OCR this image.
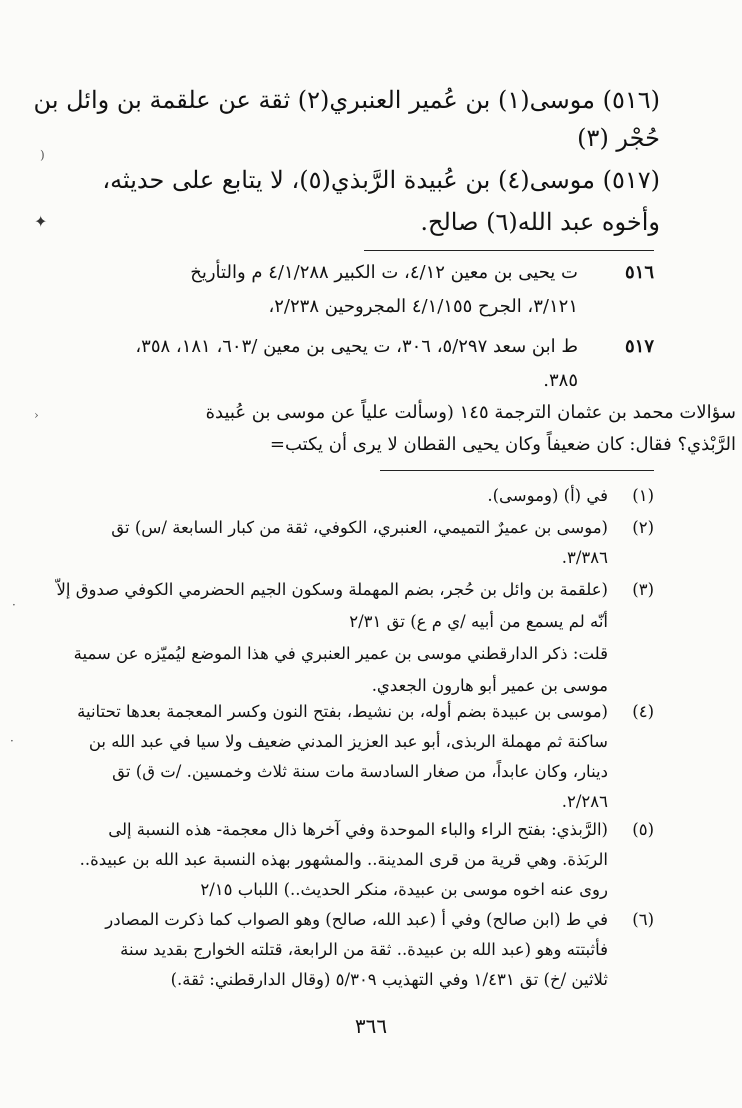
(٥١٦) موسى(١) بن عُمير العنبري(٢) ثقة عن علقمة بن وائل بن
حُجْر (٣)
(٥١٧) موسى(٤) بن عُبيدة الرَّبذي(٥)، لا يتابع على حديثه،
وأخوه عبد الله(٦) صالح.
٥١٦
ت يحيى بن معين ٤/١٢، ت الكبير ٤/١/٢٨٨ م والتأريخ
٣/١٢١، الجرح ٤/١/١٥٥ المجروحين ٢/٢٣٨،
٥١٧
ط ابن سعد ٥/٢٩٧، ٣٠٦، ت يحيى بن معين /٦٠٣، ١٨١، ٣٥٨،
٣٨٥.
سؤالات محمد بن عثمان الترجمة ١٤٥ (وسألت علياً عن موسى بن عُبيدة
الرَّبْذي؟ فقال: كان ضعيفاً وكان يحيى القطان لا يرى أن يكتب=
(١)
في (أ) (وموسى).
(٢)
(موسى بن عميرٌ التميمي، العنبري، الكوفي، ثقة من كبار السابعة /س) تق
٣/٣٨٦.
(٣)
(علقمة بن وائل بن حُجر، بضم المهملة وسكون الجيم الحضرمي الكوفي صدوق إلاّ
أنّه لم يسمع من أبيه /ي م ع) تق ٢/٣١
قلت: ذكر الدارقطني موسى بن عمير العنبري في هذا الموضع ليُميّزه عن سمية
موسى بن عمير أبو هارون الجعدي.
(٤)
(موسى بن عبيدة بضم أوله، بن نشيط، بفتح النون وكسر المعجمة بعدها تحتانية
ساكنة ثم مهملة الربذى، أبو عبد العزيز المدني ضعيف ولا سيا في عبد الله بن
دينار، وكان عابداً، من صغار السادسة مات سنة ثلاث وخمسين. /ت ق) تق
٢/٢٨٦.
(٥)
(الرَّبذي: بفتح الراء والباء الموحدة وفي آخرها ذال معجمة- هذه النسبة إلى
الربَذة. وهي قرية من قرى المدينة.. والمشهور بهذه النسبة عبد الله بن عبيدة..
روى عنه اخوه موسى بن عبيدة، منكر الحديث..) اللباب ٢/١٥
(٦)
في ط (ابن صالح) وفي أ (عبد الله، صالح) وهو الصواب كما ذكرت المصادر
فأثبتته وهو (عبد الله بن عبيدة.. ثقة من الرابعة، قتلته الخوارج بقديد سنة
ثلاثين /خ) تق ١/٤٣١ وفي التهذيب ٥/٣٠٩ (وقال الدارقطني: ثقة.)
٣٦٦
)
✦
›
·
·
